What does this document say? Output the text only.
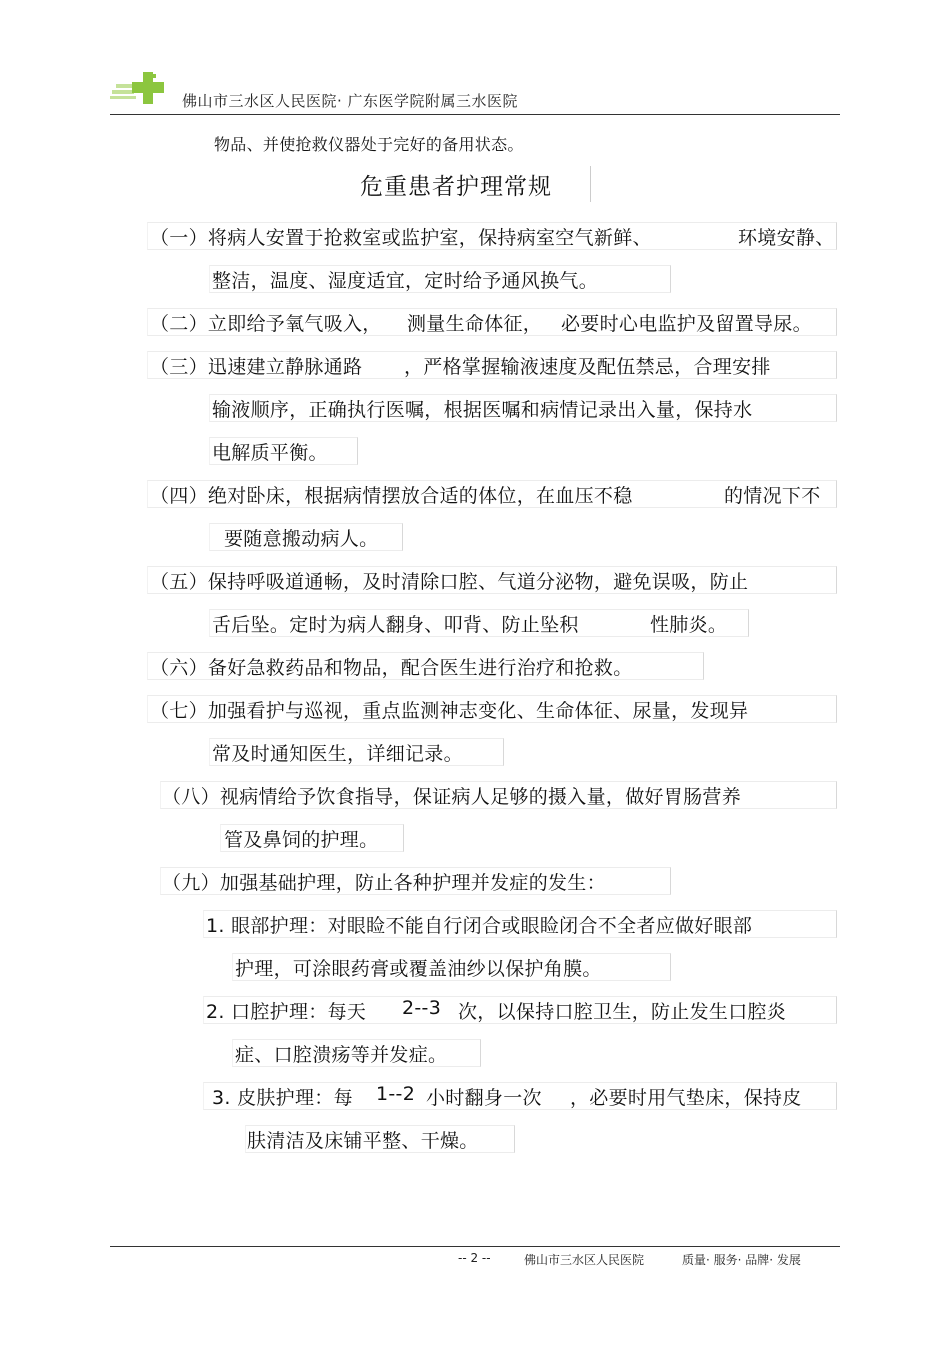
佛山市三水区人民医院· 广东医学院附属三水医院
物品、并使抢救仪器处于完好的备用状态。
危重患者护理常规
（一）将病人安置于抢救室或监护室，保持病室空气新鲜、	环境安静、
整洁，温度、湿度适宜，定时给予通风换气。
（二）立即给予氧气吸入， 测量生命体征， 必要时心电监护及留置导尿。
（三）迅速建立静脉通路 ，严格掌握输液速度及配伍禁忌，合理安排
输液顺序，正确执行医嘱，根据医嘱和病情记录出入量，保持水
电解质平衡。
（四）绝对卧床，根据病情摆放合适的体位，在血压不稳	的情况下不
要随意搬动病人。
（五）保持呼吸道通畅，及时清除口腔、气道分泌物，避免误吸，防止
舌后坠。定时为病人翻身、叩背、防止坠积	性肺炎。
（六）备好急救药品和物品，配合医生进行治疗和抢救。
（七）加强看护与巡视，重点监测神志变化、生命体征、尿量，发现异
常及时通知医生，详细记录。
（八）视病情给予饮食指导，保证病人足够的摄入量，做好胃肠营养
管及鼻饲的护理。
（九）加强基础护理，防止各种护理并发症的发生：
1. 眼部护理：对眼睑不能自行闭合或眼睑闭合不全者应做好眼部
护理，可涂眼药膏或覆盖油纱以保护角膜。
2. 口腔护理：每天 2--3 次，以保持口腔卫生，防止发生口腔炎
症、口腔溃疡等并发症。
3. 皮肤护理：每 1--2 小时翻身一次 ，必要时用气垫床，保持皮
肤清洁及床铺平整、干燥。
-- 2 --	佛山市三水区人民医院	质量· 服务· 品牌· 发展
